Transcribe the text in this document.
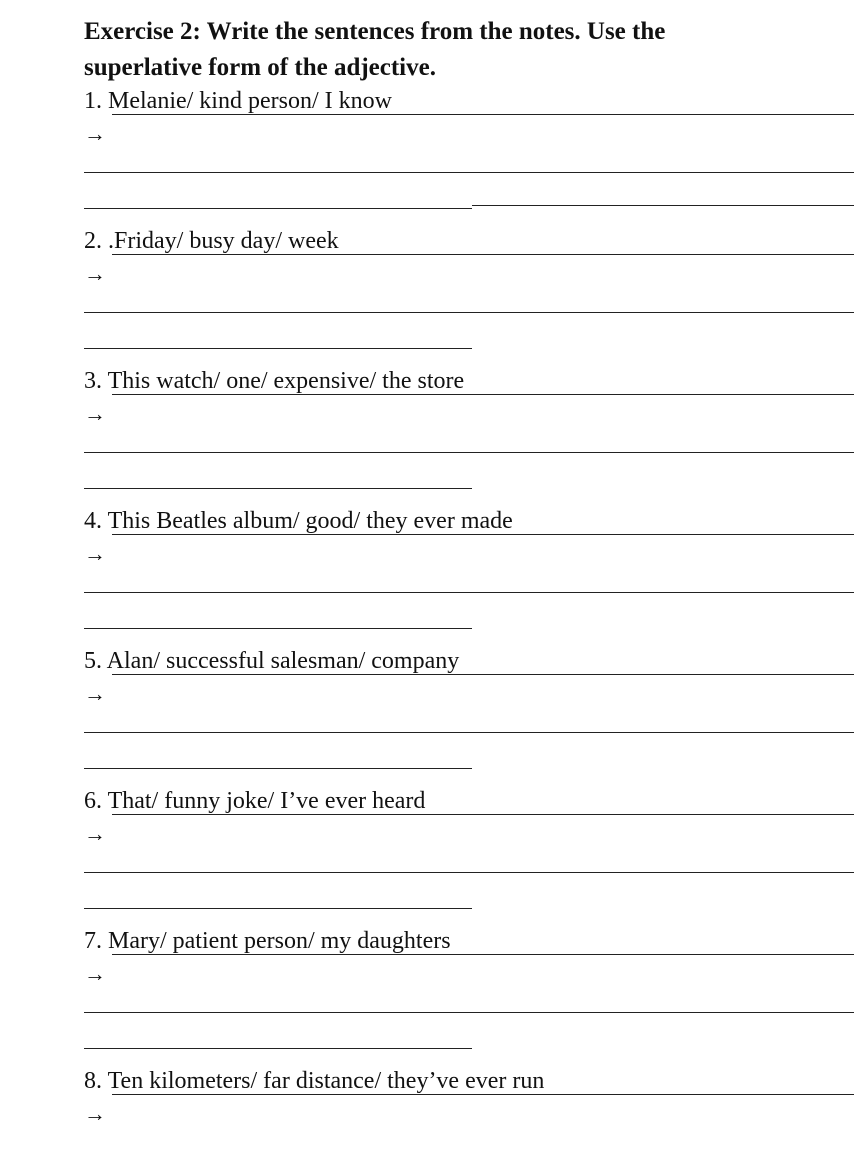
Exercise 2: Write the sentences from the notes. Use the superlative form of the adjective.
1. Melanie/ kind person/ I know
→
2. .Friday/ busy day/ week
→
3. This watch/ one/ expensive/ the store
→
4. This Beatles album/ good/ they ever made
→
5. Alan/ successful salesman/ company
→
6. That/ funny joke/ I’ve ever heard
→
7. Mary/ patient person/ my daughters
→
8. Ten kilometers/ far distance/ they’ve ever run
→
